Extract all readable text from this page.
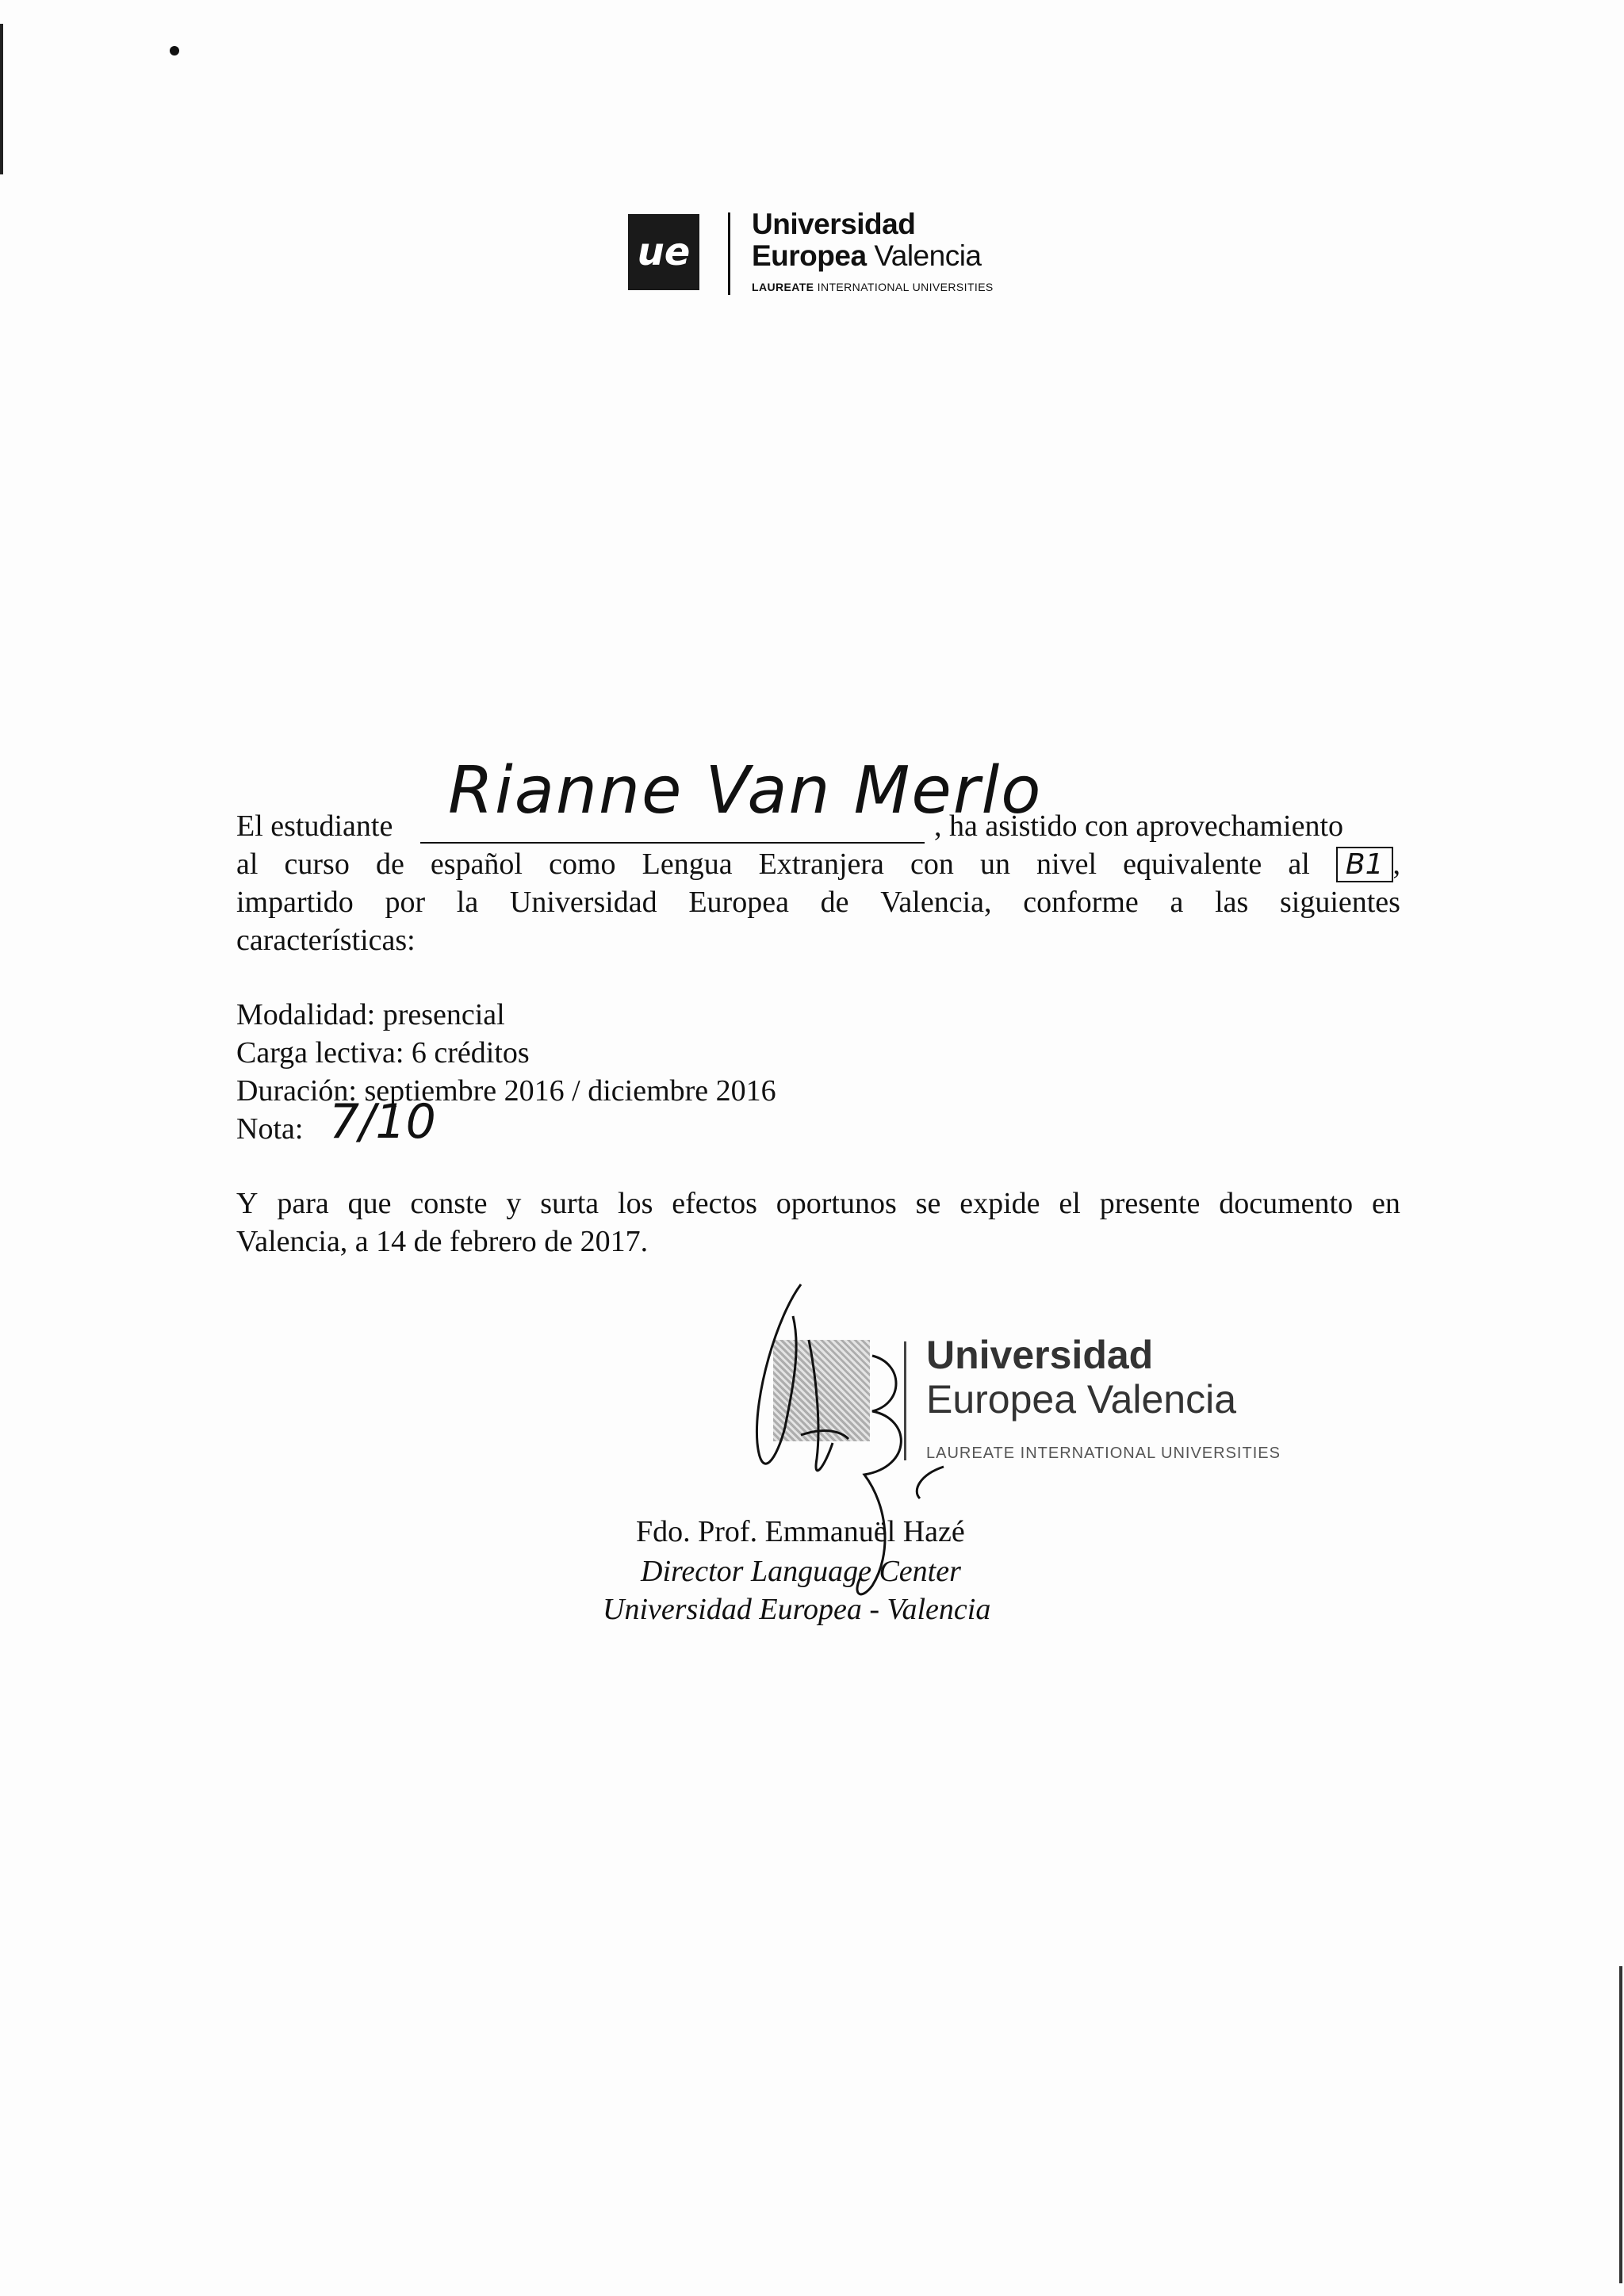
ue
Universidad
Europea Valencia
LAUREATE INTERNATIONAL UNIVERSITIES
El estudiante	, ha asistido con aprovechamiento
Rianne Van Merlo
al curso de español como Lengua Extranjera con un nivel equivalente al	B1 ,
impartido por la Universidad Europea de Valencia, conforme a las siguientes
características:
Modalidad: presencial
Carga lectiva: 6 créditos
Duración: septiembre 2016 / diciembre 2016
Nota: 7/10
Y para que conste y surta los efectos oportunos se expide el presente documento en
Valencia, a 14 de febrero de 2017.
Universidad
Europea Valencia
LAUREATE INTERNATIONAL UNIVERSITIES
Fdo. Prof. Emmanuël Hazé
Director Language Center
Universidad Europea - Valencia
